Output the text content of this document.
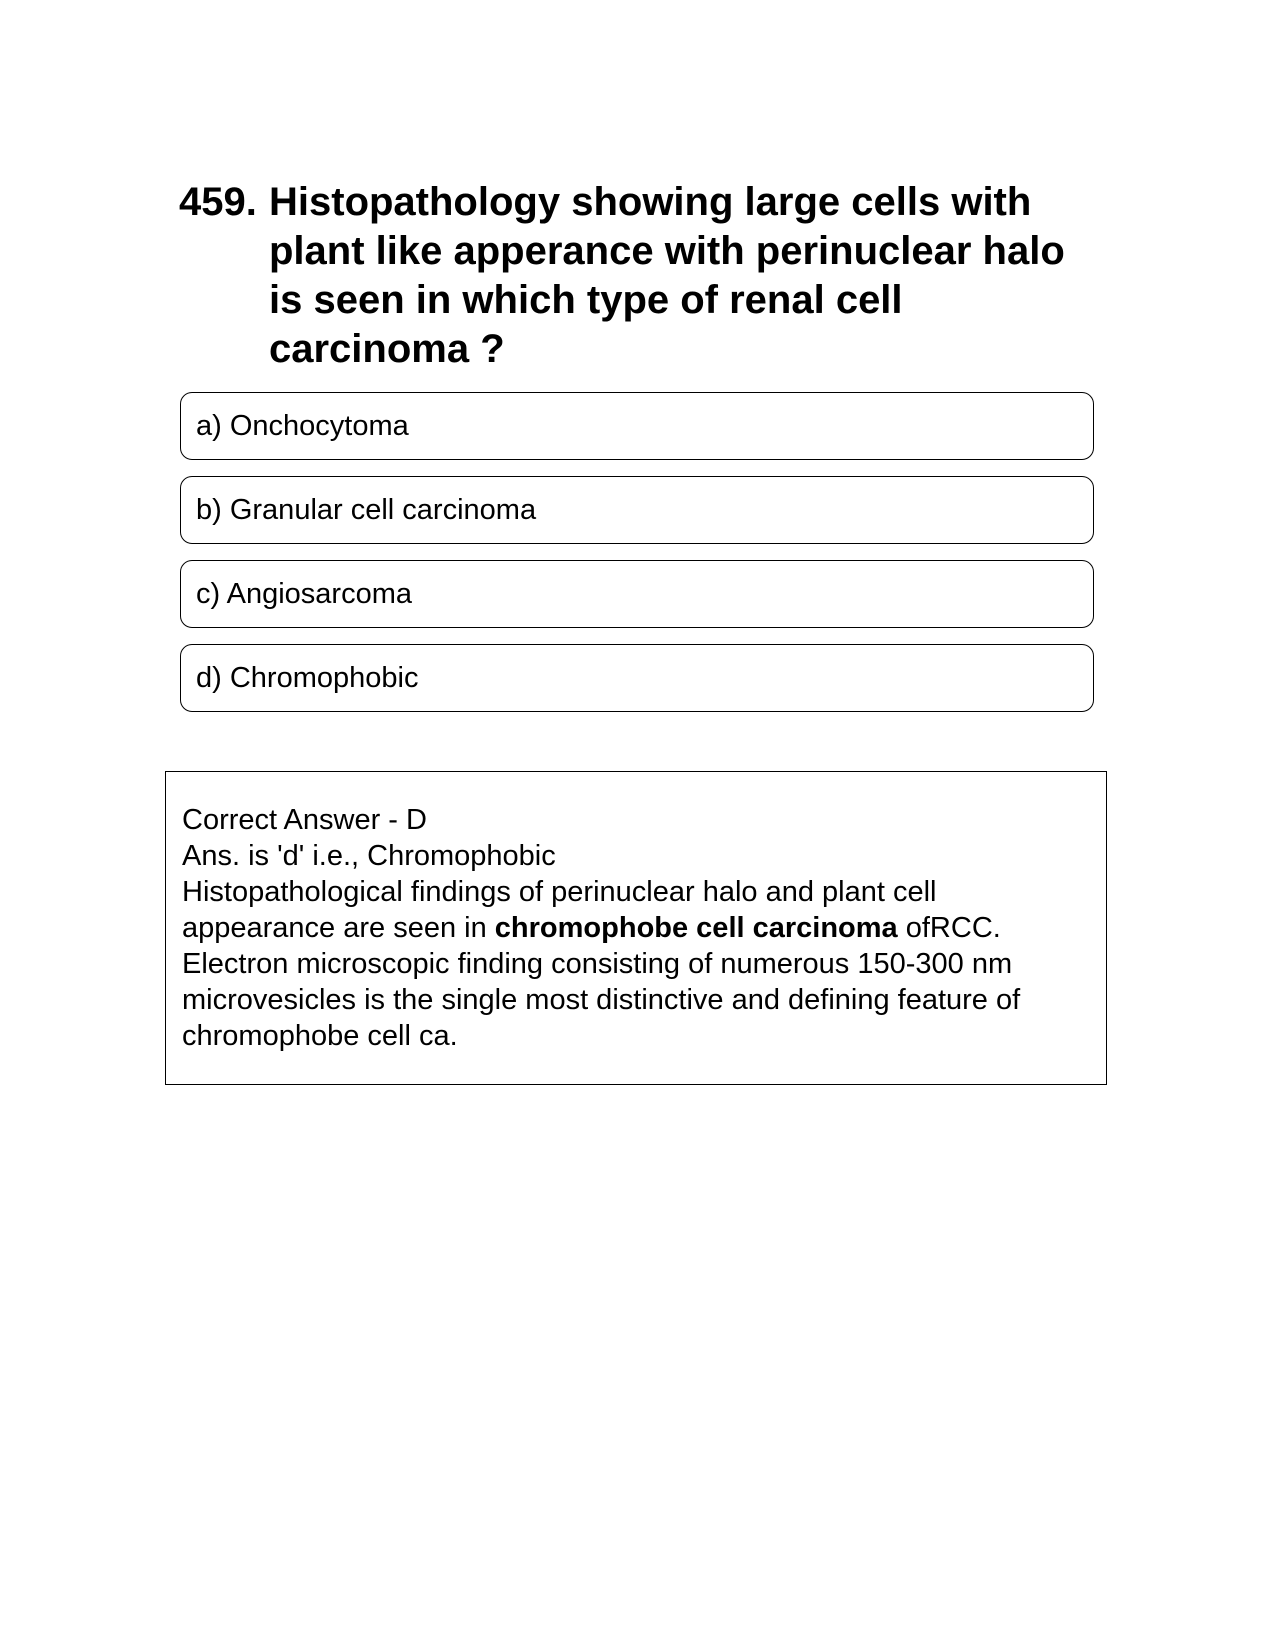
459. Histopathology showing large cells with plant like apperance with perinuclear halo is seen in which type of renal cell carcinoma ?
a) Onchocytoma
b) Granular cell carcinoma
c) Angiosarcoma
d) Chromophobic

Correct Answer - D

Ans. is 'd' i.e., Chromophobic

Histopathological findings of perinuclear halo and plant cell appearance are seen in chromophobe cell carcinoma ofRCC.

Electron microscopic finding consisting of numerous 150-300 nm microvesicles is the single most distinctive and defining feature of chromophobe cell ca.
